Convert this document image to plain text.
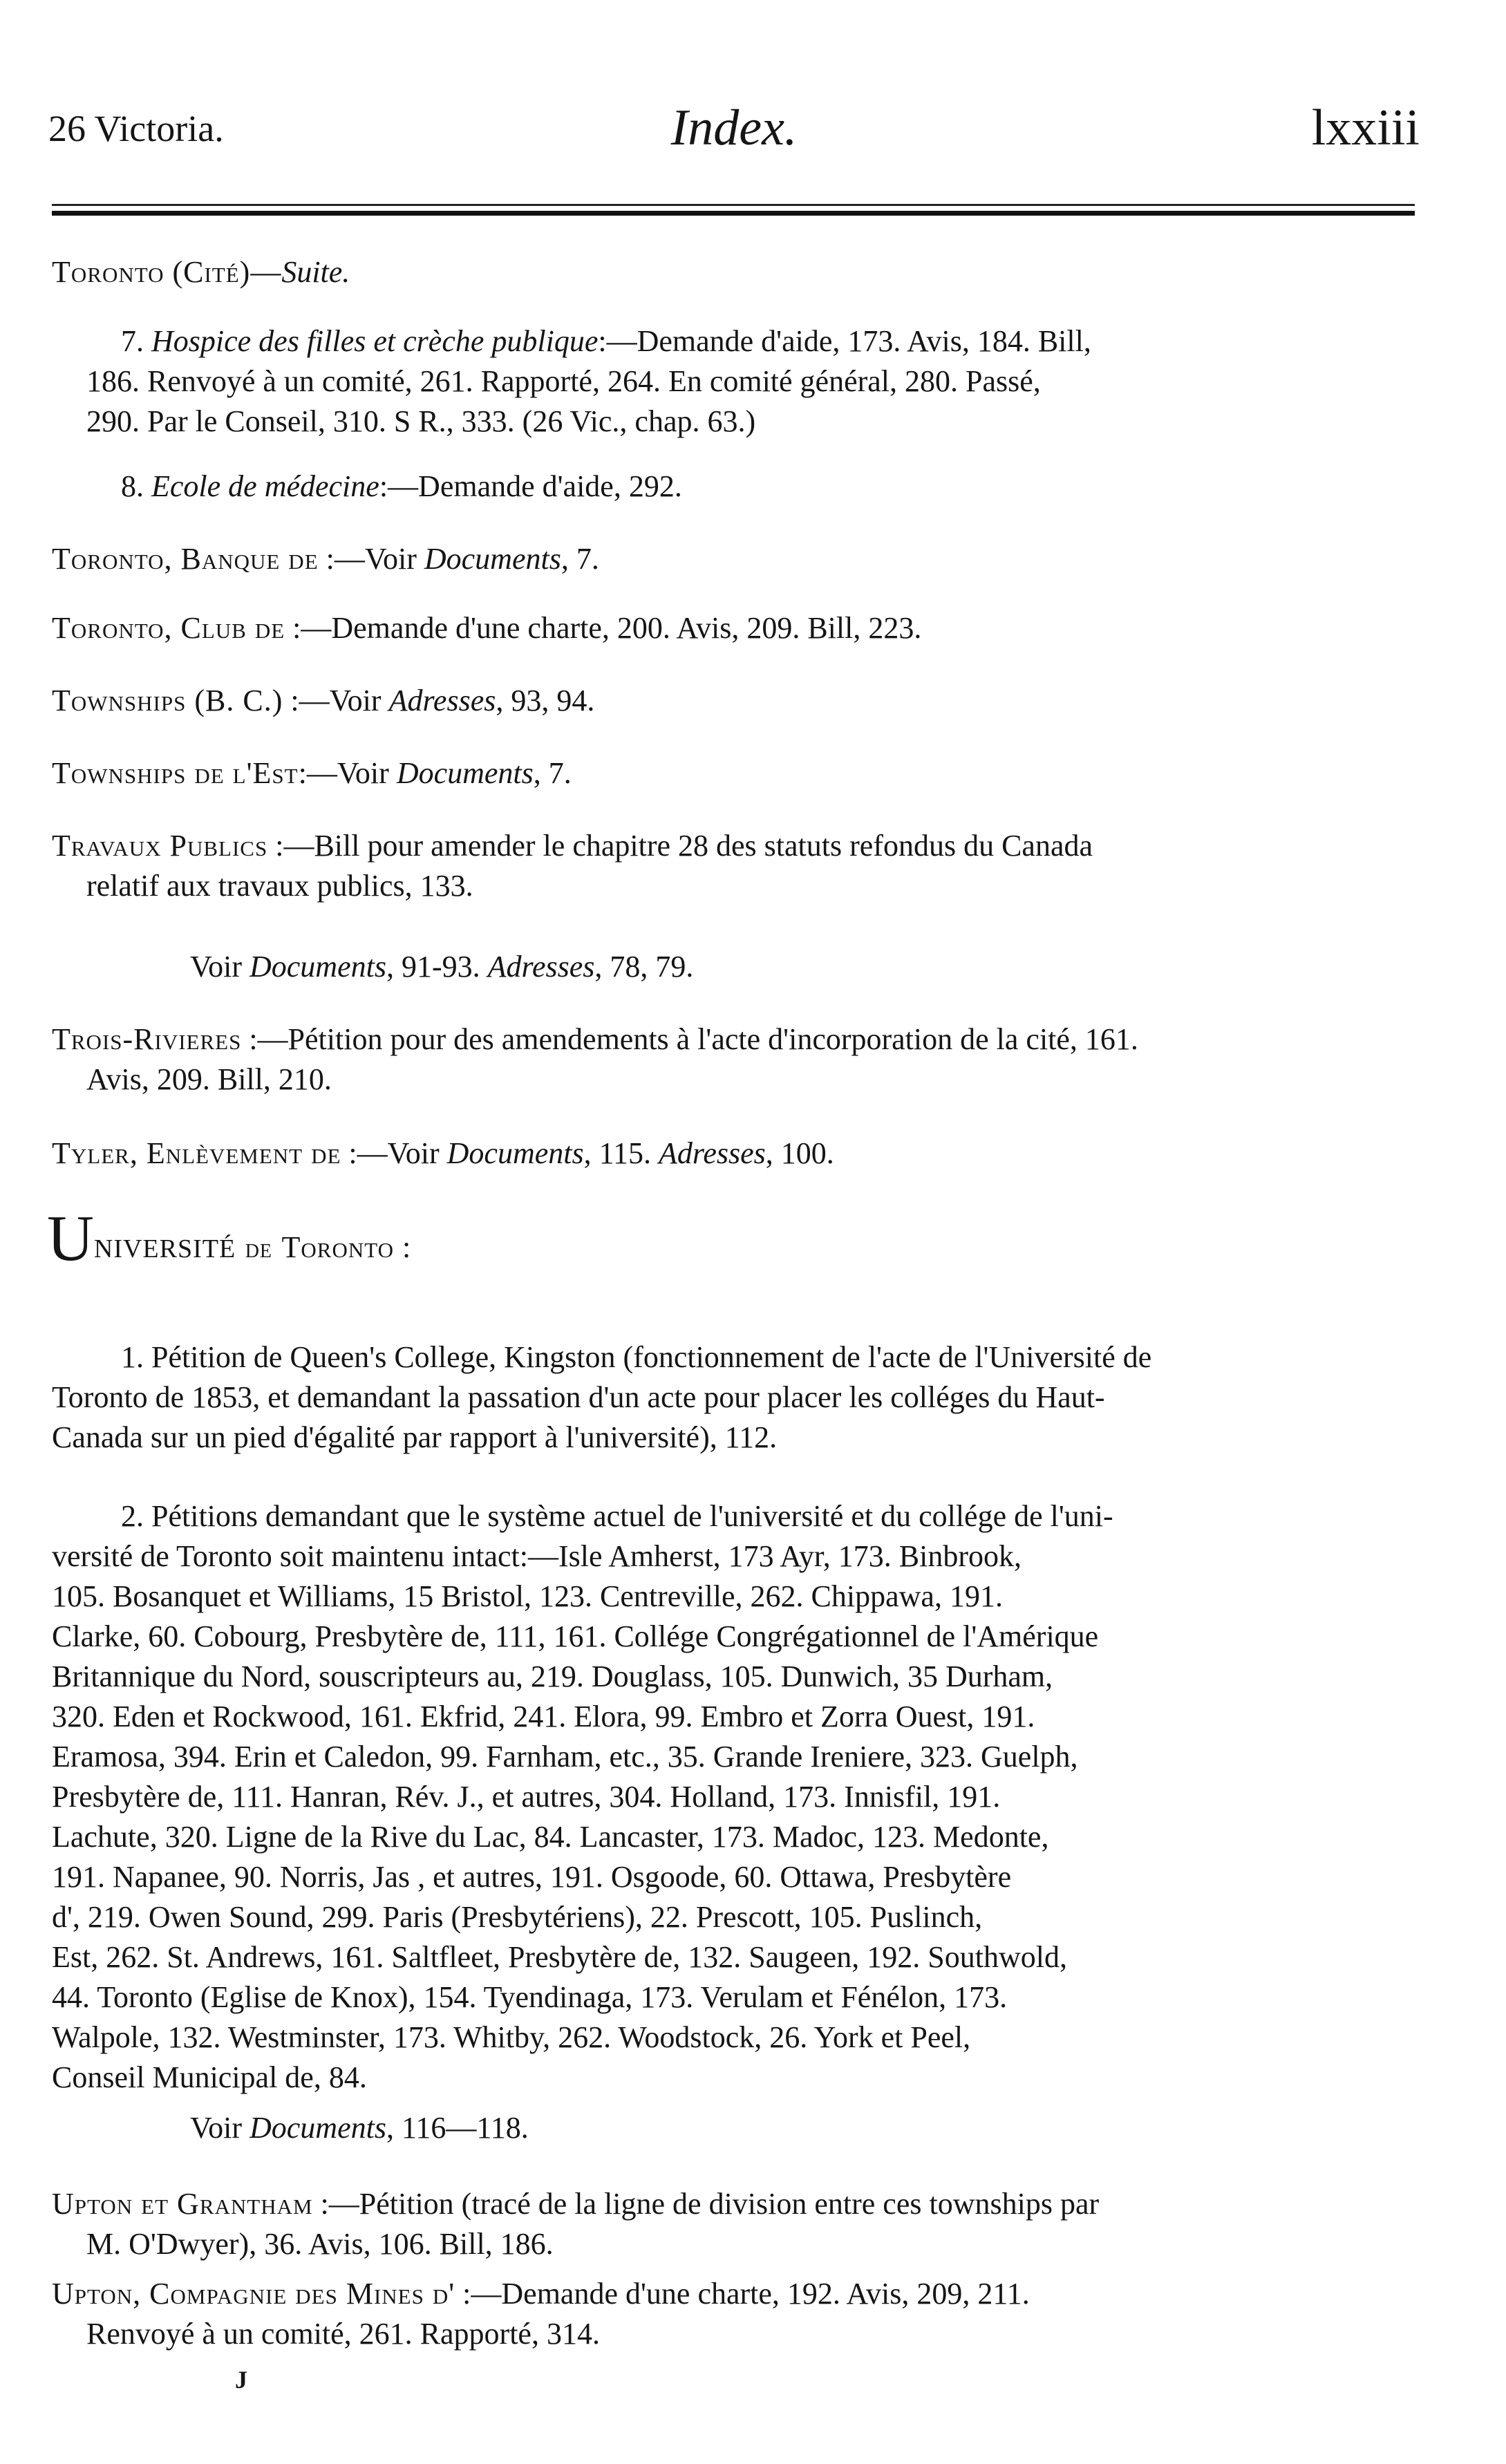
26 Victoria.	Index.	lxxiii
Toronto (Cité)—Suite.
7. Hospice des filles et crèche publique:—Demande d'aide, 173. Avis, 184. Bill,
186. Renvoyé à un comité, 261. Rapporté, 264. En comité général, 280. Passé,
290. Par le Conseil, 310. S R., 333. (26 Vic., chap. 63.)
8. Ecole de médecine:—Demande d'aide, 292.
Toronto, Banque de :—Voir Documents, 7.
Toronto, Club de :—Demande d'une charte, 200. Avis, 209. Bill, 223.
Townships (B. C.) :—Voir Adresses, 93, 94.
Townships de l'Est:—Voir Documents, 7.
Travaux Publics :—Bill pour amender le chapitre 28 des statuts refondus du Canada
relatif aux travaux publics, 133.
Voir Documents, 91-93. Adresses, 78, 79.
Trois-Rivieres :—Pétition pour des amendements à l'acte d'incorporation de la cité, 161.
Avis, 209. Bill, 210.
Tyler, Enlèvement de :—Voir Documents, 115. Adresses, 100.
Université de Toronto :
1. Pétition de Queen's College, Kingston (fonctionnement de l'acte de l'Université de
Toronto de 1853, et demandant la passation d'un acte pour placer les colléges du Haut-
Canada sur un pied d'égalité par rapport à l'université), 112.
2. Pétitions demandant que le système actuel de l'université et du collége de l'uni-
versité de Toronto soit maintenu intact:—Isle Amherst, 173 Ayr, 173. Binbrook,
105. Bosanquet et Williams, 15 Bristol, 123. Centreville, 262. Chippawa, 191.
Clarke, 60. Cobourg, Presbytère de, 111, 161. Collége Congrégationnel de l'Amérique
Britannique du Nord, souscripteurs au, 219. Douglass, 105. Dunwich, 35 Durham,
320. Eden et Rockwood, 161. Ekfrid, 241. Elora, 99. Embro et Zorra Ouest, 191.
Eramosa, 394. Erin et Caledon, 99. Farnham, etc., 35. Grande Ireniere, 323. Guelph,
Presbytère de, 111. Hanran, Rév. J., et autres, 304. Holland, 173. Innisfil, 191.
Lachute, 320. Ligne de la Rive du Lac, 84. Lancaster, 173. Madoc, 123. Medonte,
191. Napanee, 90. Norris, Jas , et autres, 191. Osgoode, 60. Ottawa, Presbytère
d', 219. Owen Sound, 299. Paris (Presbytériens), 22. Prescott, 105. Puslinch,
Est, 262. St. Andrews, 161. Saltfleet, Presbytère de, 132. Saugeen, 192. Southwold,
44. Toronto (Eglise de Knox), 154. Tyendinaga, 173. Verulam et Fénélon, 173.
Walpole, 132. Westminster, 173. Whitby, 262. Woodstock, 26. York et Peel,
Conseil Municipal de, 84.
Voir Documents, 116—118.
Upton et Grantham :—Pétition (tracé de la ligne de division entre ces townships par
M. O'Dwyer), 36. Avis, 106. Bill, 186.
Upton, Compagnie des Mines d' :—Demande d'une charte, 192. Avis, 209, 211.
Renvoyé à un comité, 261. Rapporté, 314.
J
